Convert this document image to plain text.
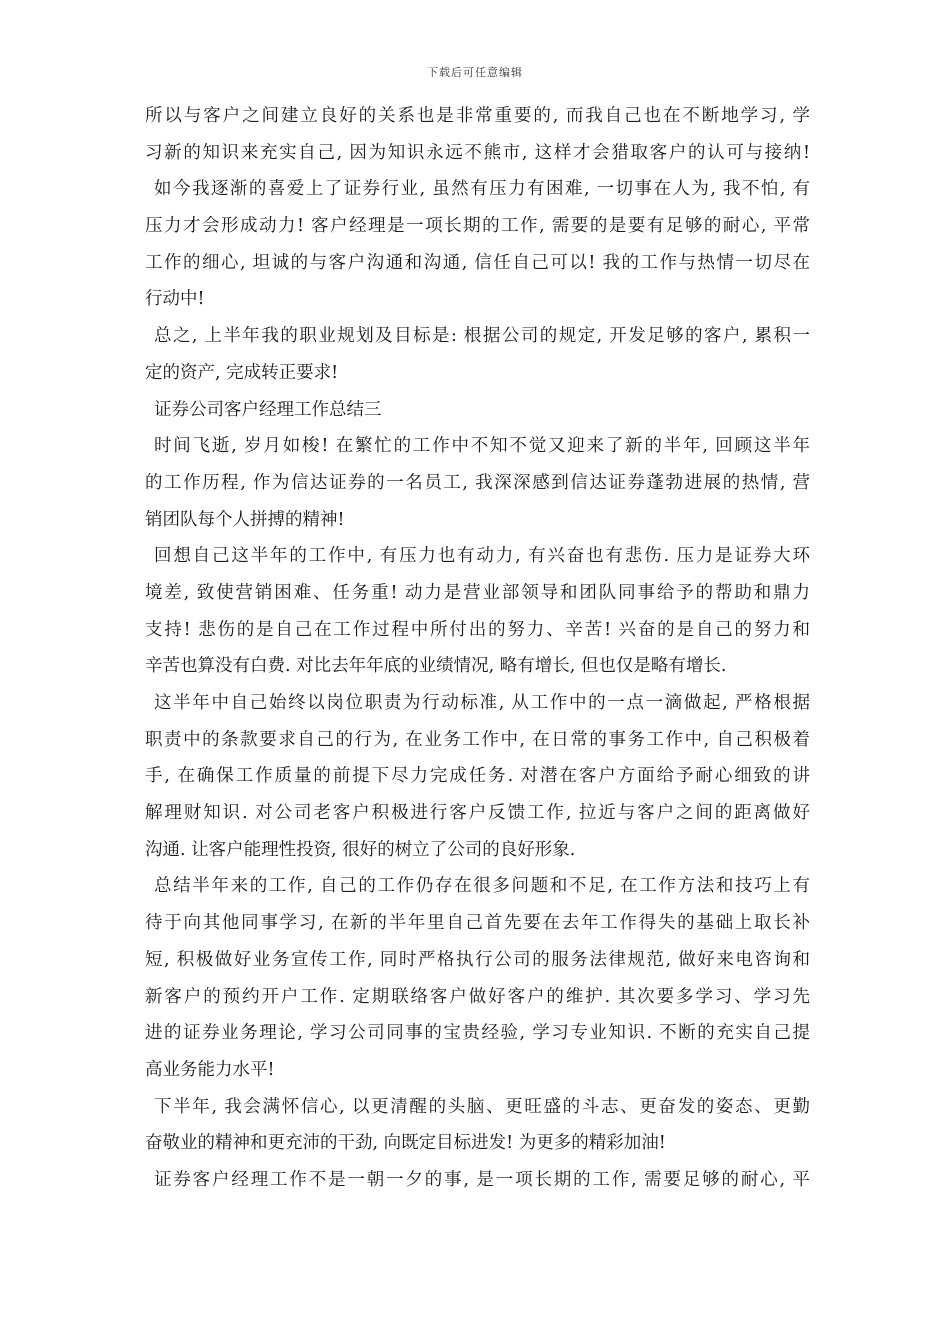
下载后可任意编辑
所以与客户之间建立良好的关系也是非常重要的, 而我自己也在不断地学习, 学
习新的知识来充实自己, 因为知识永远不熊市, 这样才会猎取客户的认可与接纳!
如今我逐渐的喜爱上了证券行业, 虽然有压力有困难, 一切事在人为, 我不怕, 有
压力才会形成动力! 客户经理是一项长期的工作, 需要的是要有足够的耐心, 平常
工作的细心, 坦诚的与客户沟通和沟通, 信任自己可以! 我的工作与热情一切尽在
行动中!
总之, 上半年我的职业规划及目标是: 根据公司的规定, 开发足够的客户, 累积一
定的资产, 完成转正要求!
证券公司客户经理工作总结三
时间飞逝, 岁月如梭! 在繁忙的工作中不知不觉又迎来了新的半年, 回顾这半年
的工作历程, 作为信达证券的一名员工, 我深深感到信达证券蓬勃进展的热情, 营
销团队每个人拼搏的精神!
回想自己这半年的工作中, 有压力也有动力, 有兴奋也有悲伤. 压力是证券大环
境差, 致使营销困难、任务重! 动力是营业部领导和团队同事给予的帮助和鼎力
支持! 悲伤的是自己在工作过程中所付出的努力、辛苦! 兴奋的是自己的努力和
辛苦也算没有白费. 对比去年年底的业绩情况, 略有增长, 但也仅是略有增长.
这半年中自己始终以岗位职责为行动标准, 从工作中的一点一滴做起, 严格根据
职责中的条款要求自己的行为, 在业务工作中, 在日常的事务工作中, 自己积极着
手, 在确保工作质量的前提下尽力完成任务. 对潜在客户方面给予耐心细致的讲
解理财知识. 对公司老客户积极进行客户反馈工作, 拉近与客户之间的距离做好
沟通. 让客户能理性投资, 很好的树立了公司的良好形象.
总结半年来的工作, 自己的工作仍存在很多问题和不足, 在工作方法和技巧上有
待于向其他同事学习, 在新的半年里自己首先要在去年工作得失的基础上取长补
短, 积极做好业务宣传工作, 同时严格执行公司的服务法律规范, 做好来电咨询和
新客户的预约开户工作. 定期联络客户做好客户的维护. 其次要多学习、学习先
进的证券业务理论, 学习公司同事的宝贵经验, 学习专业知识. 不断的充实自己提
高业务能力水平!
下半年, 我会满怀信心, 以更清醒的头脑、更旺盛的斗志、更奋发的姿态、更勤
奋敬业的精神和更充沛的干劲, 向既定目标进发! 为更多的精彩加油!
证券客户经理工作不是一朝一夕的事, 是一项长期的工作, 需要足够的耐心, 平
